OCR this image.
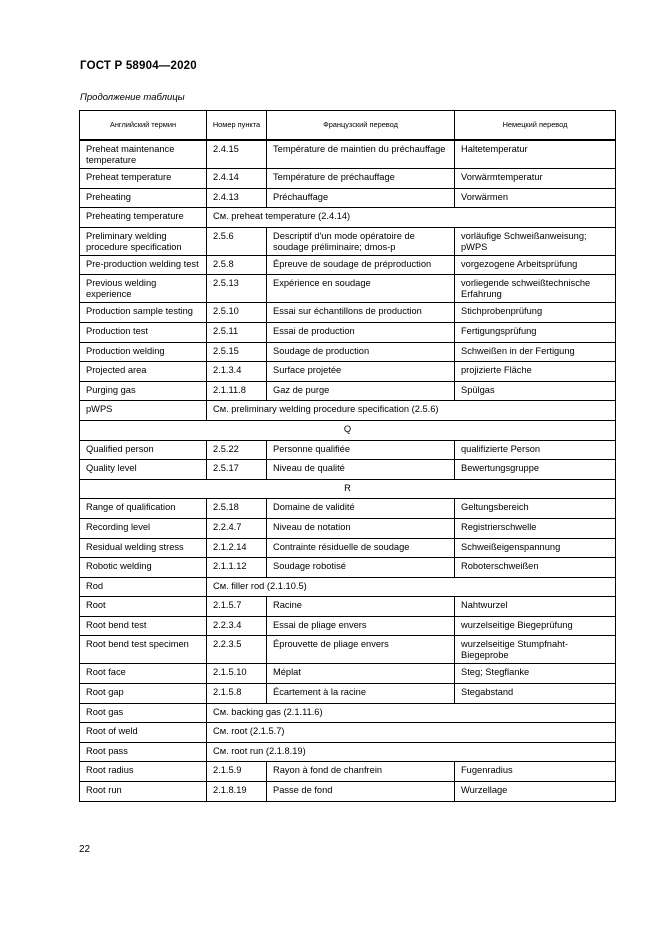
ГОСТ Р 58904—2020
Продолжение таблицы
Английский термин	Номер пункта	Французский перевод	Немецкий перевод
Preheat maintenance temperature	2.4.15	Température de maintien du préchauffage	Haltetemperatur
Preheat temperature	2.4.14	Température de préchauffage	Vorwärmtemperatur
Preheating	2.4.13	Préchauffage	Vorwärmen
Preheating temperature	См. preheat temperature (2.4.14)		
Preliminary welding procedure specification	2.5.6	Descriptif d'un mode opératoire de soudage préliminaire; dmos-p	vorläufige Schweißanweisung; pWPS
Pre-production welding test	2.5.8	Épreuve de soudage de préproduction	vorgezogene Arbeitsprüfung
Previous welding experience	2.5.13	Expérience en soudage	vorliegende schweißtechnische Erfahrung
Production sample testing	2.5.10	Essai sur échantillons de production	Stichprobenprüfung
Production test	2.5.11	Essai de production	Fertigungsprüfung
Production welding	2.5.15	Soudage de production	Schweißen in der Fertigung
Projected area	2.1.3.4	Surface projetée	projizierte Fläche
Purging gas	2.1.11.8	Gaz de purge	Spülgas
pWPS	См. preliminary welding procedure specification (2.5.6)		
Q			
Qualified person	2.5.22	Personne qualifiée	qualifizierte Person
Quality level	2.5.17	Niveau de qualité	Bewertungsgruppe
R			
Range of qualification	2.5.18	Domaine de validité	Geltungsbereich
Recording level	2.2.4.7	Niveau de notation	Registrierschwelle
Residual welding stress	2.1.2.14	Contrainte résiduelle de soudage	Schweißeigenspannung
Robotic welding	2.1.1.12	Soudage robotisé	Roboterschweißen
Rod	См. filler rod (2.1.10.5)		
Root	2.1.5.7	Racine	Nahtwurzel
Root bend test	2.2.3.4	Essai de pliage envers	wurzelseitige Biegeprüfung
Root bend test specimen	2.2.3.5	Éprouvette de pliage envers	wurzelseitige Stumpfnaht-Biegeprobe
Root face	2.1.5.10	Méplat	Steg; Stegflanke
Root gap	2.1.5.8	Écartement à la racine	Stegabstand
Root gas	См. backing gas (2.1.11.6)		
Root of weld	См. root (2.1.5.7)		
Root pass	См. root run (2.1.8.19)		
Root radius	2.1.5.9	Rayon à fond de chanfrein	Fugenradius
Root run	2.1.8.19	Passe de fond	Wurzellage
22
